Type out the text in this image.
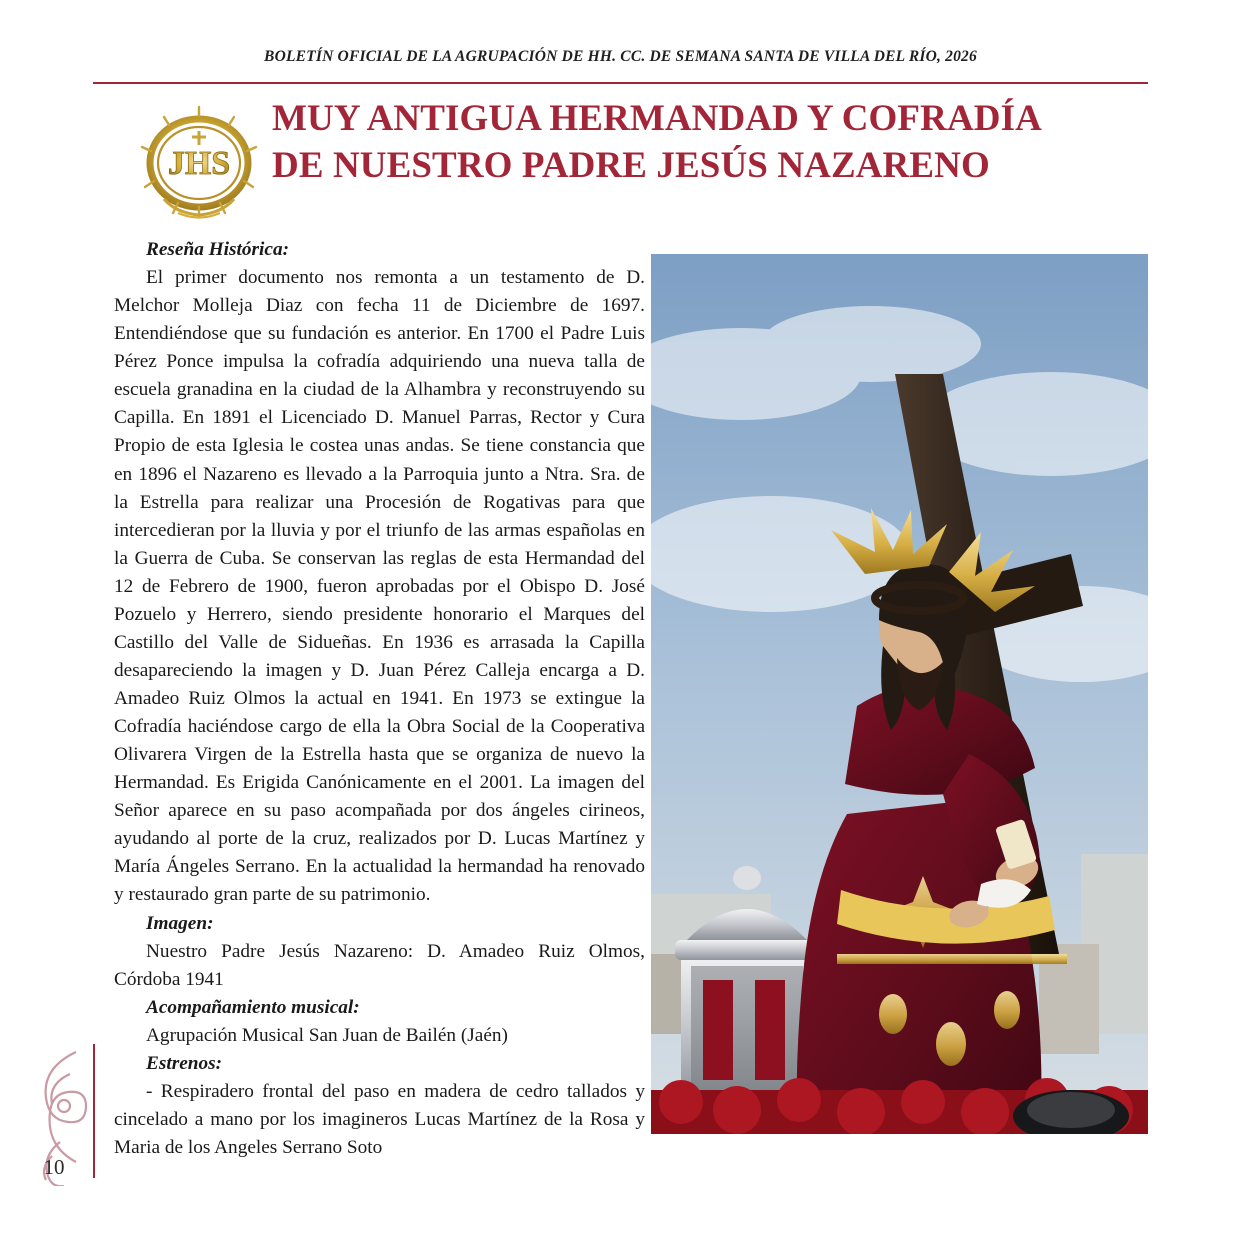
BOLETÍN OFICIAL DE LA AGRUPACIÓN DE HH. CC. DE SEMANA SANTA DE VILLA DEL RÍO, 2026
JHS
MUY ANTIGUA HERMANDAD Y COFRADÍA
DE NUESTRO PADRE JESÚS NAZARENO

Reseña Histórica:

El primer documento nos remonta a un testamento de D. Melchor Molleja Diaz con fecha 11 de Diciembre de 1697. Entendiéndose que su fundación es anterior. En 1700 el Padre Luis Pérez Ponce impulsa la cofradía adquiriendo una nueva talla de escuela granadina en la ciudad de la Alhambra y reconstruyendo su Capilla. En 1891 el Licenciado D. Manuel Parras, Rector y Cura Propio de esta Iglesia le costea unas andas. Se tiene constancia que en 1896 el Nazareno es llevado a la Parroquia junto a Ntra. Sra. de la Estrella para realizar una Procesión de Rogativas para que intercedieran por la lluvia y por el triunfo de las armas españolas en la Guerra de Cuba. Se conservan las reglas de esta Hermandad del 12 de Febrero de 1900, fueron aprobadas por el Obispo D. José Pozuelo y Herrero, siendo presidente honorario el Marques del Castillo del Valle de Sidueñas. En 1936 es arrasada la Capilla desapareciendo la imagen y D. Juan Pérez Calleja encarga a D. Amadeo Ruiz Olmos la actual en 1941. En 1973 se extingue la Cofradía haciéndose cargo de ella la Obra Social de la Cooperativa Olivarera Virgen de la Estrella hasta que se organiza de nuevo la Hermandad. Es Erigida Canónicamente en el 2001. La imagen del Señor aparece en su paso acompañada por dos ángeles cirineos, ayudando al porte de la cruz, realizados por D. Lucas Martínez y María Ángeles Serrano. En la actualidad la hermandad ha renovado y restaurado gran parte de su patrimonio.

Imagen:

Nuestro Padre Jesús Nazareno: D. Amadeo Ruiz Olmos, Córdoba 1941

Acompañamiento musical:

Agrupación Musical San Juan de Bailén (Jaén)

Estrenos:

- Respiradero frontal del paso en madera de cedro tallados y cincelado a mano por los imagineros Lucas Martínez de la Rosa y Maria de los Angeles Serrano Soto

10
